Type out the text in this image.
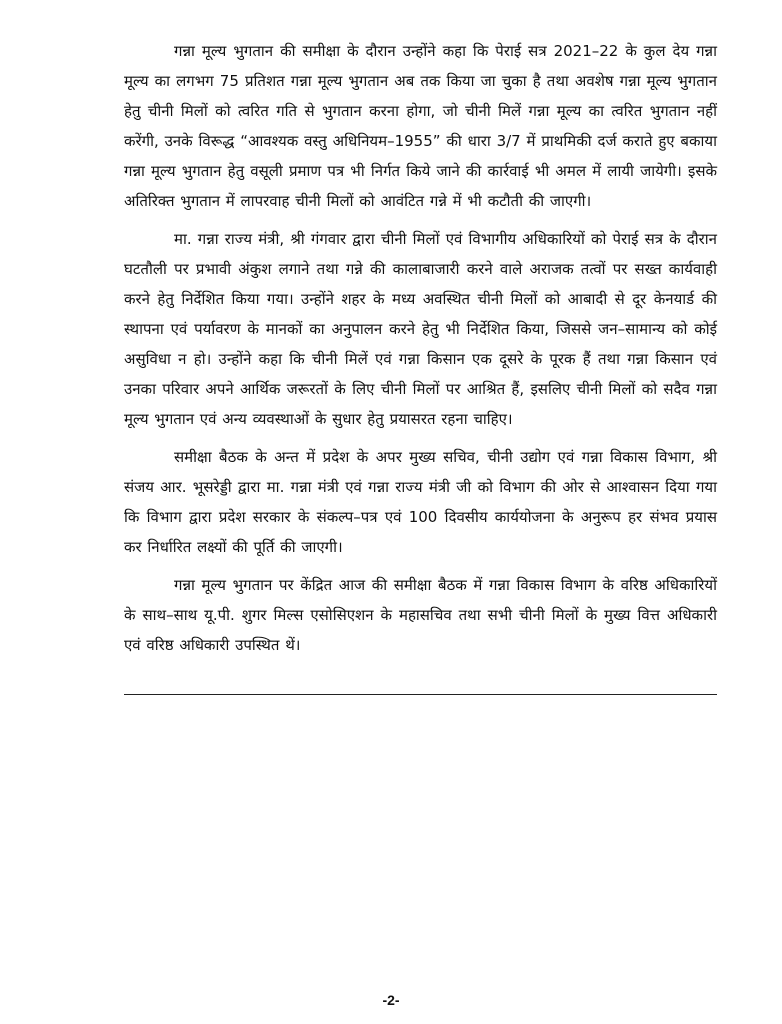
गन्ना मूल्य भुगतान की समीक्षा के दौरान उन्होंने कहा कि पेराई सत्र 2021–22 के कुल देय गन्ना मूल्य का लगभग 75 प्रतिशत गन्ना मूल्य भुगतान अब तक किया जा चुका है तथा अवशेष गन्ना मूल्य भुगतान हेतु चीनी मिलों को त्वरित गति से भुगतान करना होगा, जो चीनी मिलें गन्ना मूल्य का त्वरित भुगतान नहीं करेंगी, उनके विरूद्ध “आवश्यक वस्तु अधिनियम–1955” की धारा 3/7 में प्राथमिकी दर्ज कराते हुए बकाया गन्ना मूल्य भुगतान हेतु वसूली प्रमाण पत्र भी निर्गत किये जाने की कार्रवाई भी अमल में लायी जायेगी। इसके अतिरिक्त भुगतान में लापरवाह चीनी मिलों को आवंटित गन्ने में भी कटौती की जाएगी।

मा. गन्ना राज्य मंत्री, श्री गंगवार द्वारा चीनी मिलों एवं विभागीय अधिकारियों को पेराई सत्र के दौरान घटतौली पर प्रभावी अंकुश लगाने तथा गन्ने की कालाबाजारी करने वाले अराजक तत्वों पर सख्त कार्यवाही करने हेतु निर्देशित किया गया। उन्होंने शहर के मध्य अवस्थित चीनी मिलों को आबादी से दूर केनयार्ड की स्थापना एवं पर्यावरण के मानकों का अनुपालन करने हेतु भी निर्देशित किया, जिससे जन–सामान्य को कोई असुविधा न हो। उन्होंने कहा कि चीनी मिलें एवं गन्ना किसान एक दूसरे के पूरक हैं तथा गन्ना किसान एवं उनका परिवार अपने आर्थिक जरूरतों के लिए चीनी मिलों पर आश्रित हैं, इसलिए चीनी मिलों को सदैव गन्ना मूल्य भुगतान एवं अन्य व्यवस्थाओं के सुधार हेतु प्रयासरत रहना चाहिए।

समीक्षा बैठक के अन्त में प्रदेश के अपर मुख्य सचिव, चीनी उद्योग एवं गन्ना विकास विभाग, श्री संजय आर. भूसरेड्डी द्वारा मा. गन्ना मंत्री एवं गन्ना राज्य मंत्री जी को विभाग की ओर से आश्वासन दिया गया कि विभाग द्वारा प्रदेश सरकार के संकल्प–पत्र एवं 100 दिवसीय कार्ययोजना के अनुरूप हर संभव प्रयास कर निर्धारित लक्ष्यों की पूर्ति की जाएगी।

गन्ना मूल्य भुगतान पर केंद्रित आज की समीक्षा बैठक में गन्ना विकास विभाग के वरिष्ठ अधिकारियों के साथ–साथ यू.पी. शुगर मिल्स एसोसिएशन के महासचिव तथा सभी चीनी मिलों के मुख्य वित्त अधिकारी एवं वरिष्ठ अधिकारी उपस्थित थें।

-2-
